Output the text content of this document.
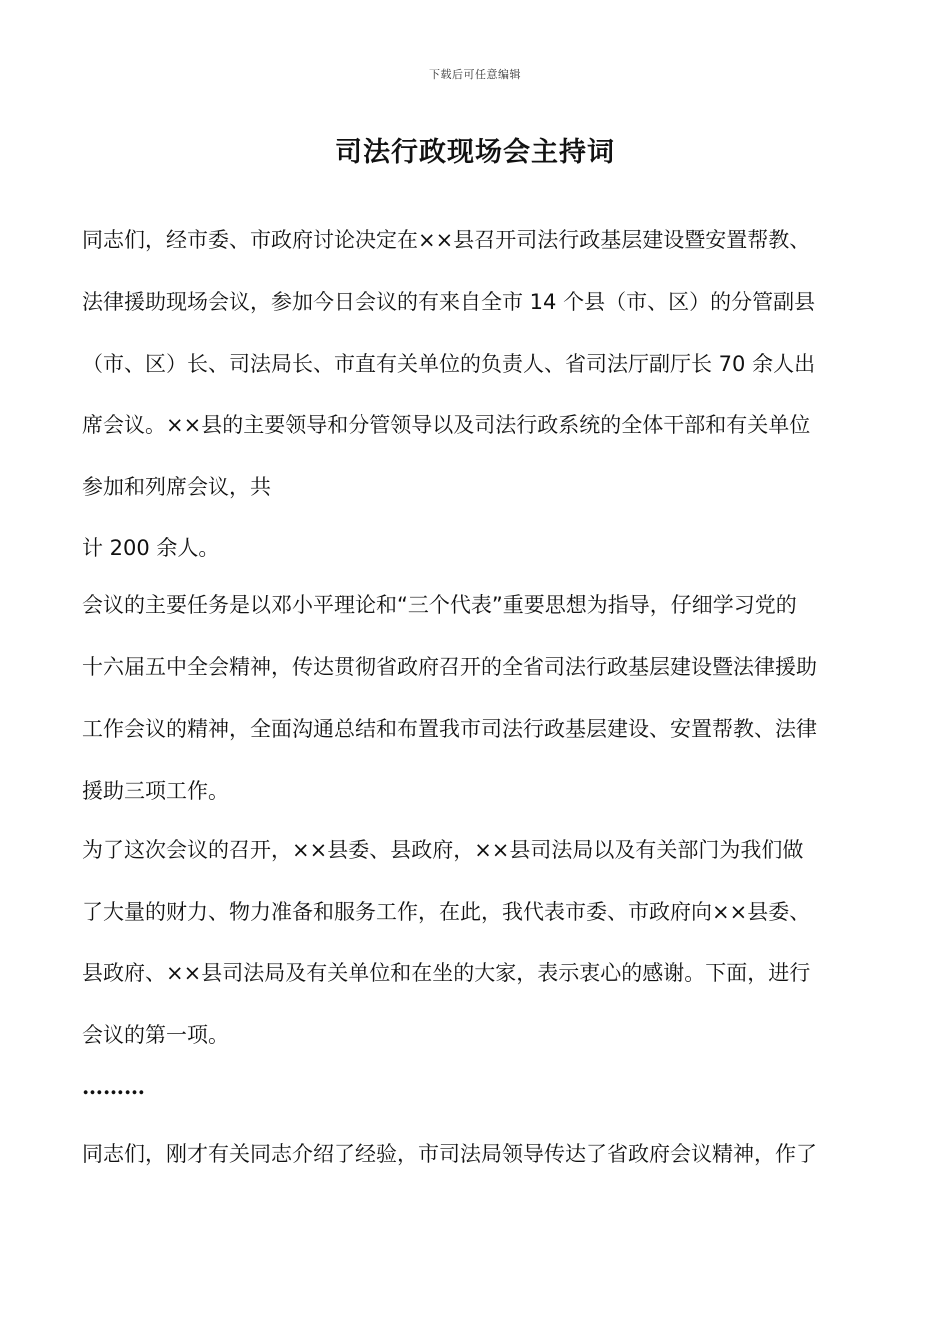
下载后可任意编辑
司法行政现场会主持词
同志们，经市委、市政府讨论决定在××县召开司法行政基层建设暨安置帮教、
法律援助现场会议，参加今日会议的有来自全市 14 个县（市、区）的分管副县
（市、区）长、司法局长、市直有关单位的负责人、省司法厅副厅长 70 余人出
席会议。××县的主要领导和分管领导以及司法行政系统的全体干部和有关单位
参加和列席会议，共
计 200 余人。
会议的主要任务是以邓小平理论和“三个代表”重要思想为指导，仔细学习党的
十六届五中全会精神，传达贯彻省政府召开的全省司法行政基层建设暨法律援助
工作会议的精神，全面沟通总结和布置我市司法行政基层建设、安置帮教、法律
援助三项工作。
为了这次会议的召开，××县委、县政府，××县司法局以及有关部门为我们做
了大量的财力、物力准备和服务工作，在此，我代表市委、市政府向××县委、
县政府、××县司法局及有关单位和在坐的大家，表示衷心的感谢。下面，进行
会议的第一项。
………
同志们，刚才有关同志介绍了经验，市司法局领导传达了省政府会议精神，作了
